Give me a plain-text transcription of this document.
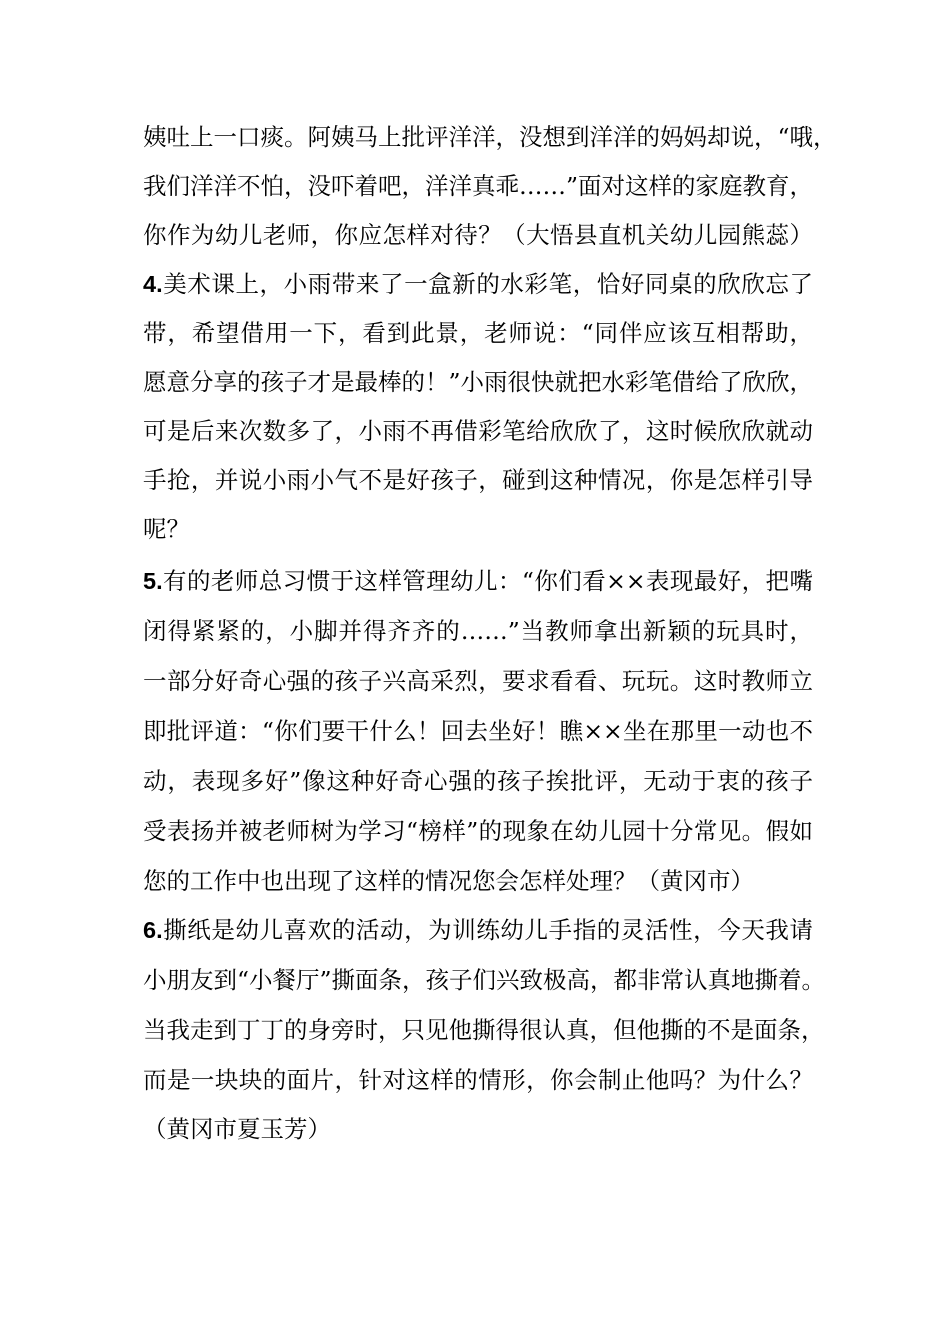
姨吐上一口痰。阿姨马上批评洋洋，没想到洋洋的妈妈却说，“哦，
我们洋洋不怕，没吓着吧，洋洋真乖……”面对这样的家庭教育，
你作为幼儿老师，你应怎样对待？（大悟县直机关幼儿园熊蕊）
4.美术课上，小雨带来了一盒新的水彩笔，恰好同桌的欣欣忘了
带，希望借用一下，看到此景，老师说：“同伴应该互相帮助，
愿意分享的孩子才是最棒的！”小雨很快就把水彩笔借给了欣欣，
可是后来次数多了，小雨不再借彩笔给欣欣了，这时候欣欣就动
手抢，并说小雨小气不是好孩子，碰到这种情况，你是怎样引导
呢？
5.有的老师总习惯于这样管理幼儿：“你们看××表现最好，把嘴
闭得紧紧的，小脚并得齐齐的……”当教师拿出新颖的玩具时，
一部分好奇心强的孩子兴高采烈，要求看看、玩玩。这时教师立
即批评道：“你们要干什么！回去坐好！瞧××坐在那里一动也不
动，表现多好”像这种好奇心强的孩子挨批评，无动于衷的孩子
受表扬并被老师树为学习“榜样”的现象在幼儿园十分常见。假如
您的工作中也出现了这样的情况您会怎样处理？（黄冈市）
6.撕纸是幼儿喜欢的活动，为训练幼儿手指的灵活性，今天我请
小朋友到“小餐厅”撕面条，孩子们兴致极高，都非常认真地撕着。
当我走到丁丁的身旁时，只见他撕得很认真，但他撕的不是面条，
而是一块块的面片，针对这样的情形，你会制止他吗？为什么？
（黄冈市夏玉芳）
